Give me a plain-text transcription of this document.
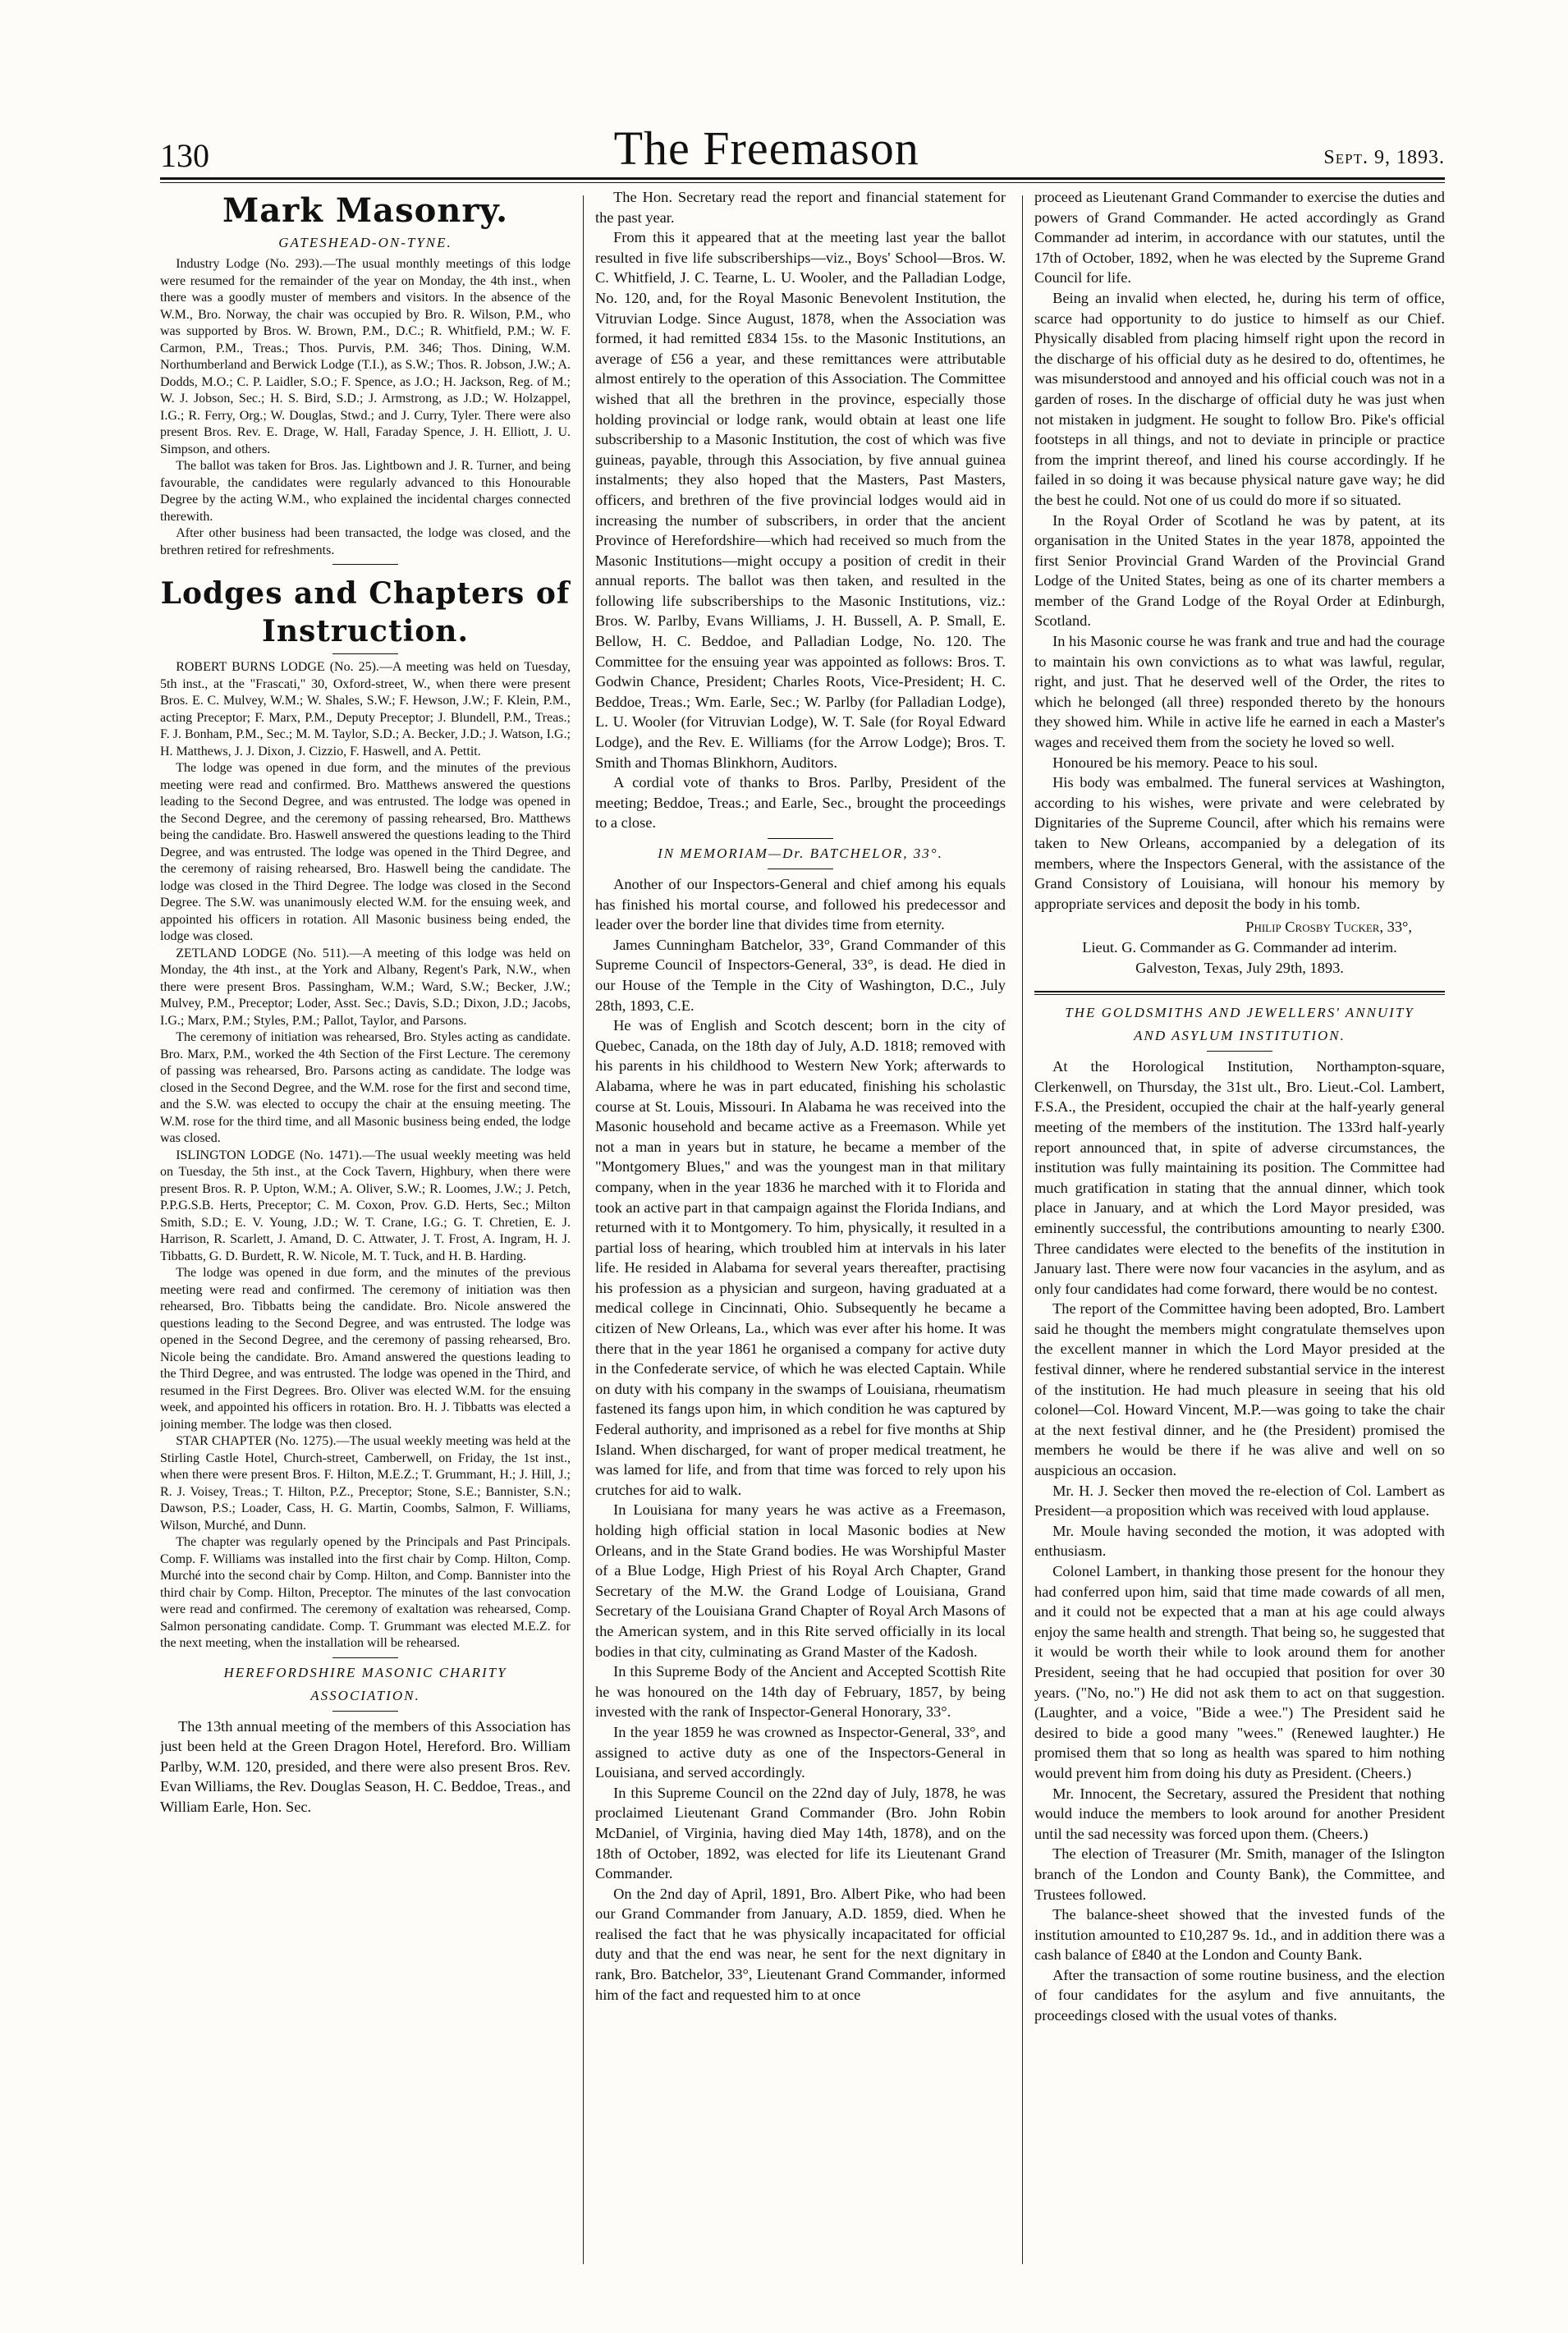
130	The Freemason	Sept. 9, 1893.
Mark Masonry.
GATESHEAD-ON-TYNE.

Industry Lodge (No. 293).—The usual monthly meetings of this lodge were resumed for the remainder of the year on Monday, the 4th inst., when there was a goodly muster of members and visitors. In the absence of the W.M., Bro. Norway, the chair was occupied by Bro. R. Wilson, P.M., who was supported by Bros. W. Brown, P.M., D.C.; R. Whitfield, P.M.; W. F. Carmon, P.M., Treas.; Thos. Purvis, P.M. 346; Thos. Dining, W.M. Northumberland and Berwick Lodge (T.I.), as S.W.; Thos. R. Jobson, J.W.; A. Dodds, M.O.; C. P. Laidler, S.O.; F. Spence, as J.O.; H. Jackson, Reg. of M.; W. J. Jobson, Sec.; H. S. Bird, S.D.; J. Armstrong, as J.D.; W. Holzappel, I.G.; R. Ferry, Org.; W. Douglas, Stwd.; and J. Curry, Tyler. There were also present Bros. Rev. E. Drage, W. Hall, Faraday Spence, J. H. Elliott, J. U. Simpson, and others.

The ballot was taken for Bros. Jas. Lightbown and J. R. Turner, and being favourable, the candidates were regularly advanced to this Honourable Degree by the acting W.M., who explained the incidental charges connected therewith.

After other business had been transacted, the lodge was closed, and the brethren retired for refreshments.

Lodges and Chapters of
Instruction.

ROBERT BURNS LODGE (No. 25).—A meeting was held on Tuesday, 5th inst., at the "Frascati," 30, Oxford-street, W., when there were present Bros. E. C. Mulvey, W.M.; W. Shales, S.W.; F. Hewson, J.W.; F. Klein, P.M., acting Preceptor; F. Marx, P.M., Deputy Preceptor; J. Blundell, P.M., Treas.; F. J. Bonham, P.M., Sec.; M. M. Taylor, S.D.; A. Becker, J.D.; J. Watson, I.G.; H. Matthews, J. J. Dixon, J. Cizzio, F. Haswell, and A. Pettit.

The lodge was opened in due form, and the minutes of the previous meeting were read and confirmed. Bro. Matthews answered the questions leading to the Second Degree, and was entrusted. The lodge was opened in the Second Degree, and the ceremony of passing rehearsed, Bro. Matthews being the candidate. Bro. Haswell answered the questions leading to the Third Degree, and was entrusted. The lodge was opened in the Third Degree, and the ceremony of raising rehearsed, Bro. Haswell being the candidate. The lodge was closed in the Third Degree. The lodge was closed in the Second Degree. The S.W. was unanimously elected W.M. for the ensuing week, and appointed his officers in rotation. All Masonic business being ended, the lodge was closed.

ZETLAND LODGE (No. 511).—A meeting of this lodge was held on Monday, the 4th inst., at the York and Albany, Regent's Park, N.W., when there were present Bros. Passingham, W.M.; Ward, S.W.; Becker, J.W.; Mulvey, P.M., Preceptor; Loder, Asst. Sec.; Davis, S.D.; Dixon, J.D.; Jacobs, I.G.; Marx, P.M.; Styles, P.M.; Pallot, Taylor, and Parsons.

The ceremony of initiation was rehearsed, Bro. Styles acting as candidate. Bro. Marx, P.M., worked the 4th Section of the First Lecture. The ceremony of passing was rehearsed, Bro. Parsons acting as candidate. The lodge was closed in the Second Degree, and the W.M. rose for the first and second time, and the S.W. was elected to occupy the chair at the ensuing meeting. The W.M. rose for the third time, and all Masonic business being ended, the lodge was closed.

ISLINGTON LODGE (No. 1471).—The usual weekly meeting was held on Tuesday, the 5th inst., at the Cock Tavern, Highbury, when there were present Bros. R. P. Upton, W.M.; A. Oliver, S.W.; R. Loomes, J.W.; J. Petch, P.P.G.S.B. Herts, Preceptor; C. M. Coxon, Prov. G.D. Herts, Sec.; Milton Smith, S.D.; E. V. Young, J.D.; W. T. Crane, I.G.; G. T. Chretien, E. J. Harrison, R. Scarlett, J. Amand, D. C. Attwater, J. T. Frost, A. Ingram, H. J. Tibbatts, G. D. Burdett, R. W. Nicole, M. T. Tuck, and H. B. Harding.

The lodge was opened in due form, and the minutes of the previous meeting were read and confirmed. The ceremony of initiation was then rehearsed, Bro. Tibbatts being the candidate. Bro. Nicole answered the questions leading to the Second Degree, and was entrusted. The lodge was opened in the Second Degree, and the ceremony of passing rehearsed, Bro. Nicole being the candidate. Bro. Amand answered the questions leading to the Third Degree, and was entrusted. The lodge was opened in the Third, and resumed in the First Degrees. Bro. Oliver was elected W.M. for the ensuing week, and appointed his officers in rotation. Bro. H. J. Tibbatts was elected a joining member. The lodge was then closed.

STAR CHAPTER (No. 1275).—The usual weekly meeting was held at the Stirling Castle Hotel, Church-street, Camberwell, on Friday, the 1st inst., when there were present Bros. F. Hilton, M.E.Z.; T. Grummant, H.; J. Hill, J.; R. J. Voisey, Treas.; T. Hilton, P.Z., Preceptor; Stone, S.E.; Bannister, S.N.; Dawson, P.S.; Loader, Cass, H. G. Martin, Coombs, Salmon, F. Williams, Wilson, Murché, and Dunn.

The chapter was regularly opened by the Principals and Past Principals. Comp. F. Williams was installed into the first chair by Comp. Hilton, Comp. Murché into the second chair by Comp. Hilton, and Comp. Bannister into the third chair by Comp. Hilton, Preceptor. The minutes of the last convocation were read and confirmed. The ceremony of exaltation was rehearsed, Comp. Salmon personating candidate. Comp. T. Grummant was elected M.E.Z. for the next meeting, when the installation will be rehearsed.

HEREFORDSHIRE MASONIC CHARITY
ASSOCIATION.

The 13th annual meeting of the members of this Association has just been held at the Green Dragon Hotel, Hereford. Bro. William Parlby, W.M. 120, presided, and there were also present Bros. Rev. Evan Williams, the Rev. Douglas Season, H. C. Beddoe, Treas., and William Earle, Hon. Sec.

The Hon. Secretary read the report and financial statement for the past year.

From this it appeared that at the meeting last year the ballot resulted in five life subscriberships—viz., Boys' School—Bros. W. C. Whitfield, J. C. Tearne, L. U. Wooler, and the Palladian Lodge, No. 120, and, for the Royal Masonic Benevolent Institution, the Vitruvian Lodge. Since August, 1878, when the Association was formed, it had remitted £834 15s. to the Masonic Institutions, an average of £56 a year, and these remittances were attributable almost entirely to the operation of this Association. The Committee wished that all the brethren in the province, especially those holding provincial or lodge rank, would obtain at least one life subscribership to a Masonic Institution, the cost of which was five guineas, payable, through this Association, by five annual guinea instalments; they also hoped that the Masters, Past Masters, officers, and brethren of the five provincial lodges would aid in increasing the number of subscribers, in order that the ancient Province of Herefordshire—which had received so much from the Masonic Institutions—might occupy a position of credit in their annual reports. The ballot was then taken, and resulted in the following life subscriberships to the Masonic Institutions, viz.: Bros. W. Parlby, Evans Williams, J. H. Bussell, A. P. Small, E. Bellow, H. C. Beddoe, and Palladian Lodge, No. 120. The Committee for the ensuing year was appointed as follows: Bros. T. Godwin Chance, President; Charles Roots, Vice-President; H. C. Beddoe, Treas.; Wm. Earle, Sec.; W. Parlby (for Palladian Lodge), L. U. Wooler (for Vitruvian Lodge), W. T. Sale (for Royal Edward Lodge), and the Rev. E. Williams (for the Arrow Lodge); Bros. T. Smith and Thomas Blinkhorn, Auditors.

A cordial vote of thanks to Bros. Parlby, President of the meeting; Beddoe, Treas.; and Earle, Sec., brought the proceedings to a close.

IN MEMORIAM—Dr. BATCHELOR, 33°.

Another of our Inspectors-General and chief among his equals has finished his mortal course, and followed his predecessor and leader over the border line that divides time from eternity.

James Cunningham Batchelor, 33°, Grand Commander of this Supreme Council of Inspectors-General, 33°, is dead. He died in our House of the Temple in the City of Washington, D.C., July 28th, 1893, C.E.

He was of English and Scotch descent; born in the city of Quebec, Canada, on the 18th day of July, A.D. 1818; removed with his parents in his childhood to Western New York; afterwards to Alabama, where he was in part educated, finishing his scholastic course at St. Louis, Missouri. In Alabama he was received into the Masonic household and became active as a Freemason. While yet not a man in years but in stature, he became a member of the "Montgomery Blues," and was the youngest man in that military company, when in the year 1836 he marched with it to Florida and took an active part in that campaign against the Florida Indians, and returned with it to Montgomery. To him, physically, it resulted in a partial loss of hearing, which troubled him at intervals in his later life. He resided in Alabama for several years thereafter, practising his profession as a physician and surgeon, having graduated at a medical college in Cincinnati, Ohio. Subsequently he became a citizen of New Orleans, La., which was ever after his home. It was there that in the year 1861 he organised a company for active duty in the Confederate service, of which he was elected Captain. While on duty with his company in the swamps of Louisiana, rheumatism fastened its fangs upon him, in which condition he was captured by Federal authority, and imprisoned as a rebel for five months at Ship Island. When discharged, for want of proper medical treatment, he was lamed for life, and from that time was forced to rely upon his crutches for aid to walk.

In Louisiana for many years he was active as a Freemason, holding high official station in local Masonic bodies at New Orleans, and in the State Grand bodies. He was Worshipful Master of a Blue Lodge, High Priest of his Royal Arch Chapter, Grand Secretary of the M.W. the Grand Lodge of Louisiana, Grand Secretary of the Louisiana Grand Chapter of Royal Arch Masons of the American system, and in this Rite served officially in its local bodies in that city, culminating as Grand Master of the Kadosh.

In this Supreme Body of the Ancient and Accepted Scottish Rite he was honoured on the 14th day of February, 1857, by being invested with the rank of Inspector-General Honorary, 33°.

In the year 1859 he was crowned as Inspector-General, 33°, and assigned to active duty as one of the Inspectors-General in Louisiana, and served accordingly.

In this Supreme Council on the 22nd day of July, 1878, he was proclaimed Lieutenant Grand Commander (Bro. John Robin McDaniel, of Virginia, having died May 14th, 1878), and on the 18th of October, 1892, was elected for life its Lieutenant Grand Commander.

On the 2nd day of April, 1891, Bro. Albert Pike, who had been our Grand Commander from January, A.D. 1859, died. When he realised the fact that he was physically incapacitated for official duty and that the end was near, he sent for the next dignitary in rank, Bro. Batchelor, 33°, Lieutenant Grand Commander, informed him of the fact and requested him to at once

proceed as Lieutenant Grand Commander to exercise the duties and powers of Grand Commander. He acted accordingly as Grand Commander ad interim, in accordance with our statutes, until the 17th of October, 1892, when he was elected by the Supreme Grand Council for life.

Being an invalid when elected, he, during his term of office, scarce had opportunity to do justice to himself as our Chief. Physically disabled from placing himself right upon the record in the discharge of his official duty as he desired to do, oftentimes, he was misunderstood and annoyed and his official couch was not in a garden of roses. In the discharge of official duty he was just when not mistaken in judgment. He sought to follow Bro. Pike's official footsteps in all things, and not to deviate in principle or practice from the imprint thereof, and lined his course accordingly. If he failed in so doing it was because physical nature gave way; he did the best he could. Not one of us could do more if so situated.

In the Royal Order of Scotland he was by patent, at its organisation in the United States in the year 1878, appointed the first Senior Provincial Grand Warden of the Provincial Grand Lodge of the United States, being as one of its charter members a member of the Grand Lodge of the Royal Order at Edinburgh, Scotland.

In his Masonic course he was frank and true and had the courage to maintain his own convictions as to what was lawful, regular, right, and just. That he deserved well of the Order, the rites to which he belonged (all three) responded thereto by the honours they showed him. While in active life he earned in each a Master's wages and received them from the society he loved so well.

Honoured be his memory. Peace to his soul.

His body was embalmed. The funeral services at Washington, according to his wishes, were private and were celebrated by Dignitaries of the Supreme Council, after which his remains were taken to New Orleans, accompanied by a delegation of its members, where the Inspectors General, with the assistance of the Grand Consistory of Louisiana, will honour his memory by appropriate services and deposit the body in his tomb.

Philip Crosby Tucker, 33°,

Lieut. G. Commander as G. Commander ad interim.

Galveston, Texas, July 29th, 1893.

THE GOLDSMITHS AND JEWELLERS' ANNUITY
AND ASYLUM INSTITUTION.

At the Horological Institution, Northampton-square, Clerkenwell, on Thursday, the 31st ult., Bro. Lieut.-Col. Lambert, F.S.A., the President, occupied the chair at the half-yearly general meeting of the members of the institution. The 133rd half-yearly report announced that, in spite of adverse circumstances, the institution was fully maintaining its position. The Committee had much gratification in stating that the annual dinner, which took place in January, and at which the Lord Mayor presided, was eminently successful, the contributions amounting to nearly £300. Three candidates were elected to the benefits of the institution in January last. There were now four vacancies in the asylum, and as only four candidates had come forward, there would be no contest.

The report of the Committee having been adopted, Bro. Lambert said he thought the members might congratulate themselves upon the excellent manner in which the Lord Mayor presided at the festival dinner, where he rendered substantial service in the interest of the institution. He had much pleasure in seeing that his old colonel—Col. Howard Vincent, M.P.—was going to take the chair at the next festival dinner, and he (the President) promised the members he would be there if he was alive and well on so auspicious an occasion.

Mr. H. J. Secker then moved the re-election of Col. Lambert as President—a proposition which was received with loud applause.

Mr. Moule having seconded the motion, it was adopted with enthusiasm.

Colonel Lambert, in thanking those present for the honour they had conferred upon him, said that time made cowards of all men, and it could not be expected that a man at his age could always enjoy the same health and strength. That being so, he suggested that it would be worth their while to look around them for another President, seeing that he had occupied that position for over 30 years. ("No, no.") He did not ask them to act on that suggestion. (Laughter, and a voice, "Bide a wee.") The President said he desired to bide a good many "wees." (Renewed laughter.) He promised them that so long as health was spared to him nothing would prevent him from doing his duty as President. (Cheers.)

Mr. Innocent, the Secretary, assured the President that nothing would induce the members to look around for another President until the sad necessity was forced upon them. (Cheers.)

The election of Treasurer (Mr. Smith, manager of the Islington branch of the London and County Bank), the Committee, and Trustees followed.

The balance-sheet showed that the invested funds of the institution amounted to £10,287 9s. 1d., and in addition there was a cash balance of £840 at the London and County Bank.

After the transaction of some routine business, and the election of four candidates for the asylum and five annuitants, the proceedings closed with the usual votes of thanks.
